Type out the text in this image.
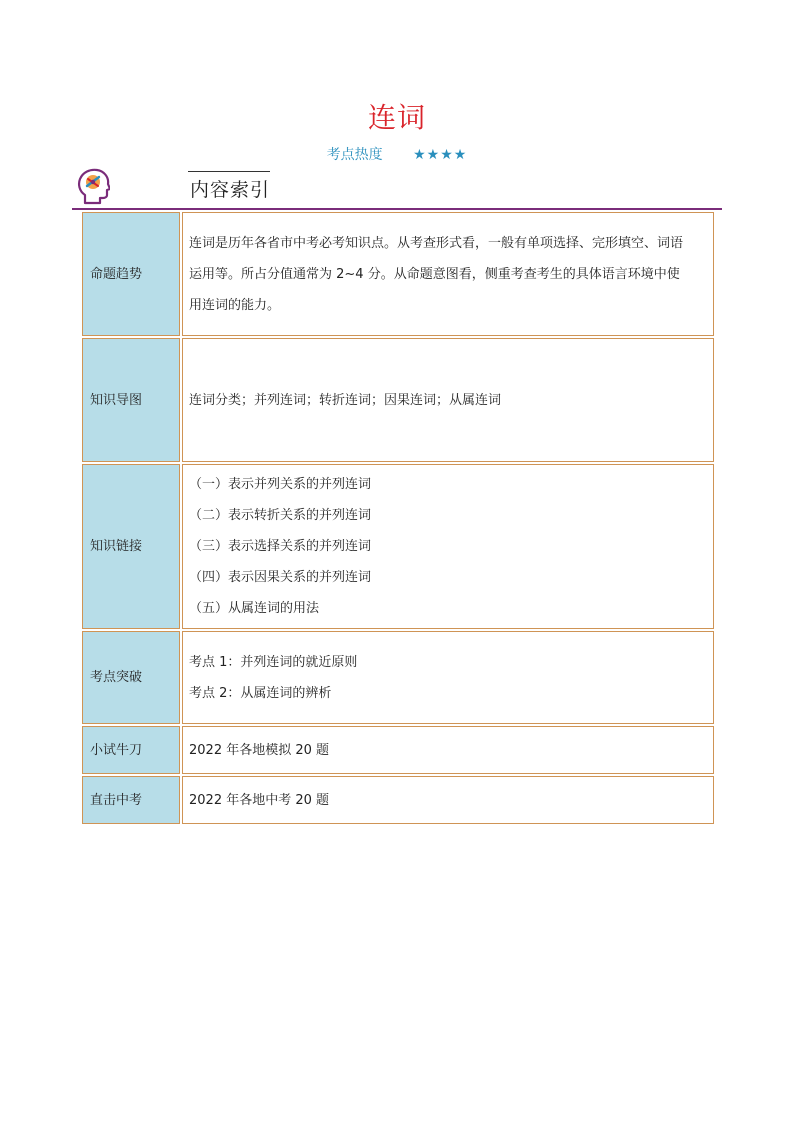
连词
考点热度 ★★★★
内容索引
命题趋势	连词是历年各省市中考必考知识点。从考查形式看，一般有单项选择、完形填空、词语
运用等。所占分值通常为 2~4 分。从命题意图看，侧重考查考生的具体语言环境中使
用连词的能力。

知识导图	连词分类；并列连词；转折连词；因果连词；从属连词

知识链接	（一）表示并列关系的并列连词
（二）表示转折关系的并列连词
（三）表示选择关系的并列连词
（四）表示因果关系的并列连词
（五）从属连词的用法

考点突破	考点 1：并列连词的就近原则
考点 2：从属连词的辨析

小试牛刀	2022 年各地模拟 20 题

直击中考	2022 年各地中考 20 题
